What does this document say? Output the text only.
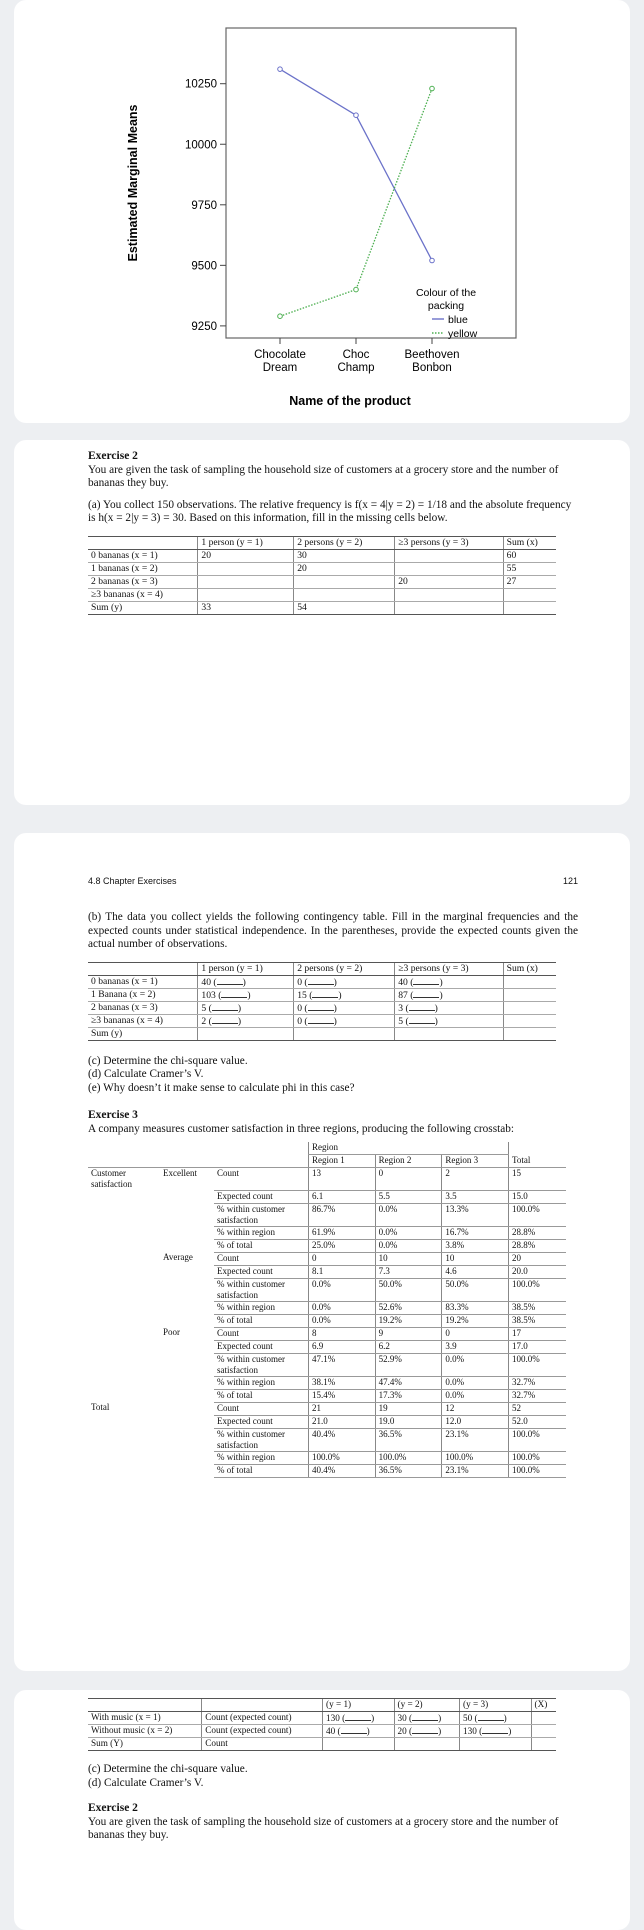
10250
10000
9750
9500
9250
Chocolate
Dream
Choc
Champ
Beethoven
Bonbon
Estimated Marginal Means
Name of the product
Colour of the
packing
blue
yellow
Exercise 2
You are given the task of sampling the household size of customers at a grocery store and the number of bananas they buy.
(a) You collect 150 observations. The relative frequency is f(x = 4|y = 2) = 1/18 and the absolute frequency is h(x = 2|y = 3) = 30. Based on this information, fill in the missing cells below.
	1 person (y = 1)	2 persons (y = 2)	≥3 persons (y = 3)	Sum (x)
0 bananas (x = 1)	20	30		60
1 bananas (x = 2)		20		55
2 bananas (x = 3)			20	27
≥3 bananas (x = 4)				
Sum (y)	33	54		
4.8 Chapter Exercises	121
(b) The data you collect yields the following contingency table. Fill in the marginal frequencies and the expected counts under statistical independence. In the parentheses, provide the expected counts given the actual number of observations.
	1 person (y = 1)	2 persons (y = 2)	≥3 persons (y = 3)	Sum (x)
0 bananas (x = 1)	40 ( )	0 ( )	40 ( )	
1 Banana (x = 2)	103 ( )	15 ( )	87 ( )	
2 bananas (x = 3)	5 ( )	0 ( )	3 ( )	
≥3 bananas (x = 4)	2 ( )	0 ( )	5 ( )	
Sum (y)				
(c) Determine the chi-square value.
(d) Calculate Cramer’s V.
(e) Why doesn’t it make sense to calculate phi in this case?
Exercise 3
A company measures customer satisfaction in three regions, producing the following crosstab:
			Region			
			Region 1	Region 2	Region 3	Total
Customer satisfaction	Excellent	Count	13	0	2	15
		Expected count	6.1	5.5	3.5	15.0
		% within customer satisfaction	86.7%	0.0%	13.3%	100.0%
		% within region	61.9%	0.0%	16.7%	28.8%
		% of total	25.0%	0.0%	3.8%	28.8%
	Average	Count	0	10	10	20
		Expected count	8.1	7.3	4.6	20.0
		% within customer satisfaction	0.0%	50.0%	50.0%	100.0%
		% within region	0.0%	52.6%	83.3%	38.5%
		% of total	0.0%	19.2%	19.2%	38.5%
	Poor	Count	8	9	0	17
		Expected count	6.9	6.2	3.9	17.0
		% within customer satisfaction	47.1%	52.9%	0.0%	100.0%
		% within region	38.1%	47.4%	0.0%	32.7%
		% of total	15.4%	17.3%	0.0%	32.7%
Total		Count	21	19	12	52
		Expected count	21.0	19.0	12.0	52.0
		% within customer satisfaction	40.4%	36.5%	23.1%	100.0%
		% within region	100.0%	100.0%	100.0%	100.0%
		% of total	40.4%	36.5%	23.1%	100.0%
		(y = 1)	(y = 2)	(y = 3)	(X)
With music (x = 1)	Count (expected count)	130 ( )	30 ( )	50 ( )	
Without music (x = 2)	Count (expected count)	40 ( )	20 ( )	130 ( )	
Sum (Y)	Count				
(c) Determine the chi-square value.
(d) Calculate Cramer’s V.
Exercise 2
You are given the task of sampling the household size of customers at a grocery store and the number of bananas they buy.
